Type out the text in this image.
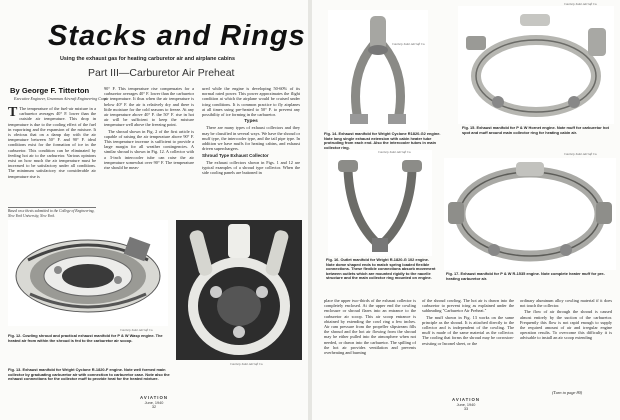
Stacks and Rings
Using the exhaust gas for heating carburetor air and airplane cabins
Part III—Carburetor Air Preheat
By George F. Titterton
Executive Engineer, Grumman Aircraft Engineering Corp.

T The temperature of the fuel-air mixture in a carburetor averages 40° F. lower than the outside air temperature. This drop in temperature is due to the cooling effect of the fuel in vaporizing and the expansion of the mixture. It is obvious that on a damp day with the air temperature between 50° F. and 90° F. ideal conditions exist for the formation of ice in the carburetor. This condition can be eliminated by feeding hot air to the carburetor. Various opinions exist on how much the air temperature must be increased to be satisfactory under all conditions. The minimum satisfactory rise considerable air temperature rise is

Based on a thesis submitted to the College of Engineering, New York University, New York.

90° F. This temperature rise compensates for a carburetor averages 40° F. lower than the carburetor air temperature. It thus when the air temperature is below 40° F. the air is relatively dry and there is little moisture for the cold seasons to freeze. At any air temperature above 40° F. the 50° F. rise in hot air will be sufficient to keep the mixture temperature well above the freezing point.

The shroud shown in Fig. 2 of the first article is capable of raising the air temperature above 90° F. This temperature increase is sufficient to provide a large margin for all weather contingencies. A similar shroud is shown in Fig. 12. A collector with a 3-inch intercooler tube can raise the air temperature somewhat over 90° F. The temperature rise should be meas-

ured while the engine is developing 50-60% of its normal rated power. This power approximates the flight condition at which the airplane would be cruised under icing conditions. It is common practice to fly airplanes at all times using pre-heated to 50° F. to prevent any possibility of ice forming in the carburetor.

Types

There are many types of exhaust collectors and they may be classified in several ways. We have the shroud or muff type, the intercooler type, and the tail pipe type. In addition we have muffs for heating cabins, and exhaust driven superchargers.

Shroud Type Exhaust Collector

The exhaust collectors shown in Figs. 1 and 12 are typical examples of a shroud type collector. When the side cooling panels are buttoned in

Courtesy Solar Aircraft Co.
Fig. 12. Cowling shroud and practical exhaust manifold for P & W Wasp engine. The heated air from within the shroud is fed to the carburetor air scoop.
Courtesy Solar Aircraft Co.
Fig. 13. Exhaust manifold for Wright Cyclone R-1820-F engine. Note well formed main collector by graduating carburetor air with connection to carburetor case. Note also the exhaust connections for the collector muff to provide heat for the heated mixture.
AVIATION
June, 1940
32
Courtesy Solar Aircraft Co.
Fig. 14. Exhaust manifold for Wright Cyclone R1820-G2 engine. Note long single exhaust extension with cabin heater tube protruding from each end. Also the intercooler tubes in main collector ring.
Fig. 15. Exhaust manifold for P & W Hornet engine. Note muff for carburetor hot spot and muff around main collector ring for heating cabin air.
Courtesy Solar Aircraft Co.
Fig. 16. Outlet manifold for Wright R-1820-G 102 engine. Note dome shaped ends to match spring loaded flexible connections. These flexible connections absorb movement between outlets which are mounted rigidly to the nacelle structure and the main collector ring mounted on engine.
Courtesy Solar Aircraft Co.
Fig. 17. Exhaust manifold for P & W R-1535 engine. Note complete heater muff for pre-heating carburetor air.
Courtesy Solar Aircraft Co.

place the upper two-thirds of the exhaust collector is completely enclosed. At the upper end the cowling enclosure or shroud flares into an entrance to the carburetor air scoop. This air scoop entrance is obtained by extending the cowl ring a few inches. Air ram pressure from the propeller slipstream fills the shroud and the hot air flowing from the shroud may be either pulled into the atmosphere when not needed, or drawn into the carburetor. The spilling of the hot air provides ventilation and prevents overheating and burning

of the shroud cowling. The hot air is drawn into the carburetor to prevent icing as explained under the subheading "Carburetor Air Preheat."

The muff shown in Fig. 13 works on the same principle as the shroud. It is attached directly to the collector and is independent of the cowling. The muff is made of the same material as the collector. The cooling that forms the shroud may be corrosion-resisting or Inconel sheet, or the

ordinary aluminum alloy cowling material if it does not touch the collector.

The flow of air through the shroud is caused almost entirely by the suction of the carburetor. Frequently this flow is not rapid enough to supply the required amount of air and irregular engine operation results. To overcome this difficulty it is advisable to install an air scoop extending

(Turn to page 80)
AVIATION
June, 1940
33
